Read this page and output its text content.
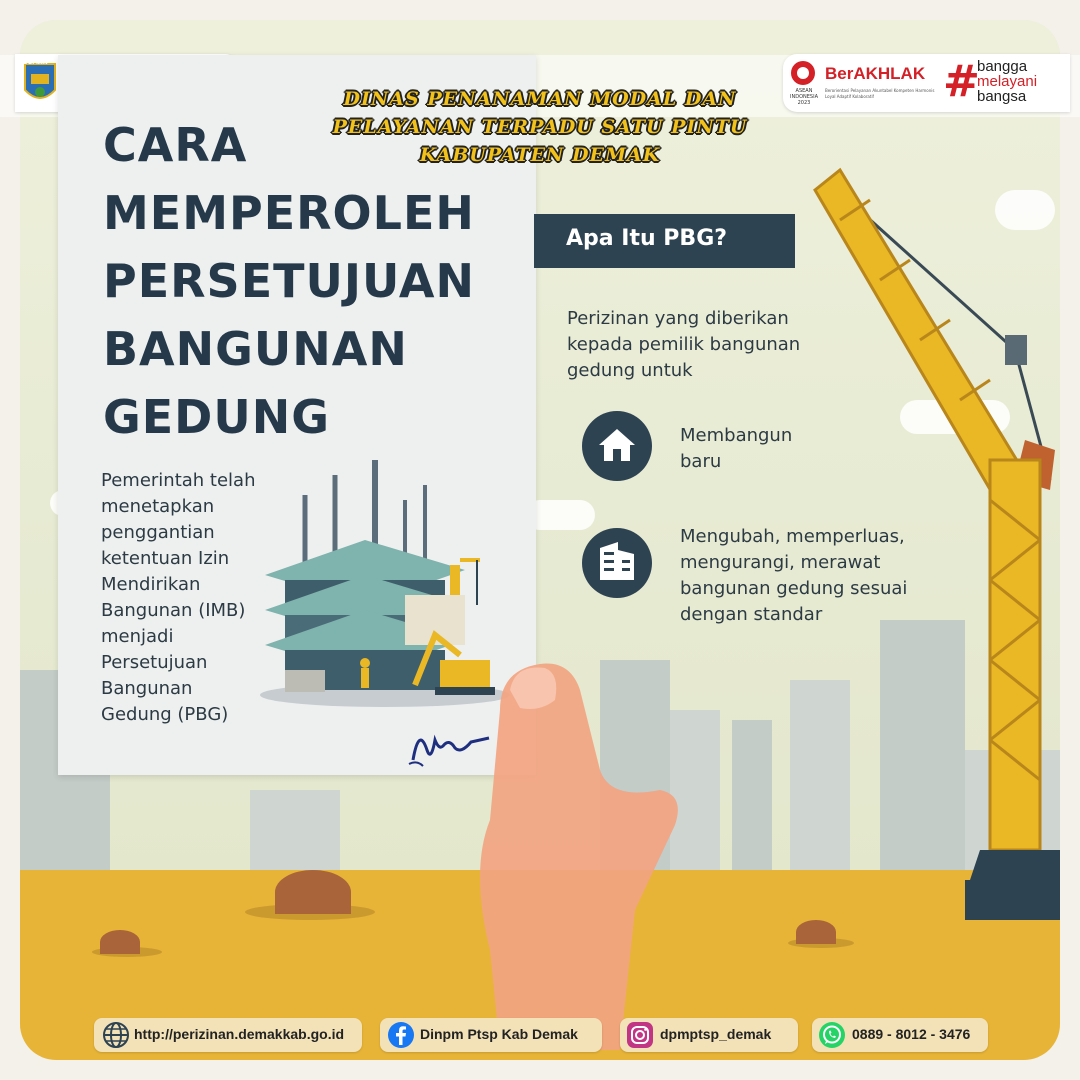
DEMAK
ASEAN INDONESIA 2023
BerAKHLAK
Berorientasi Pelayanan Akuntabel Kompeten Harmonis Loyal Adaptif Kolaboratif	#
bangga
melayani
bangsa
DINAS PENANAMAN MODAL DAN
PELAYANAN TERPADU SATU PINTU
KABUPATEN DEMAK
CARA
MEMPEROLEH
PERSETUJUAN
BANGUNAN
GEDUNG
Pemerintah telah
menetapkan
penggantian
ketentuan Izin
Mendirikan
Bangunan (IMB)
menjadi
Persetujuan
Bangunan
Gedung (PBG)
Apa Itu PBG?
Perizinan yang diberikan
kepada pemilik bangunan
gedung untuk
Membangun
baru
Mengubah, memperluas,
mengurangi, merawat
bangunan gedung sesuai
dengan standar
http://perizinan.demakkab.go.id	Dinpm Ptsp Kab Demak	dpmptsp_demak	0889 - 8012 - 3476
